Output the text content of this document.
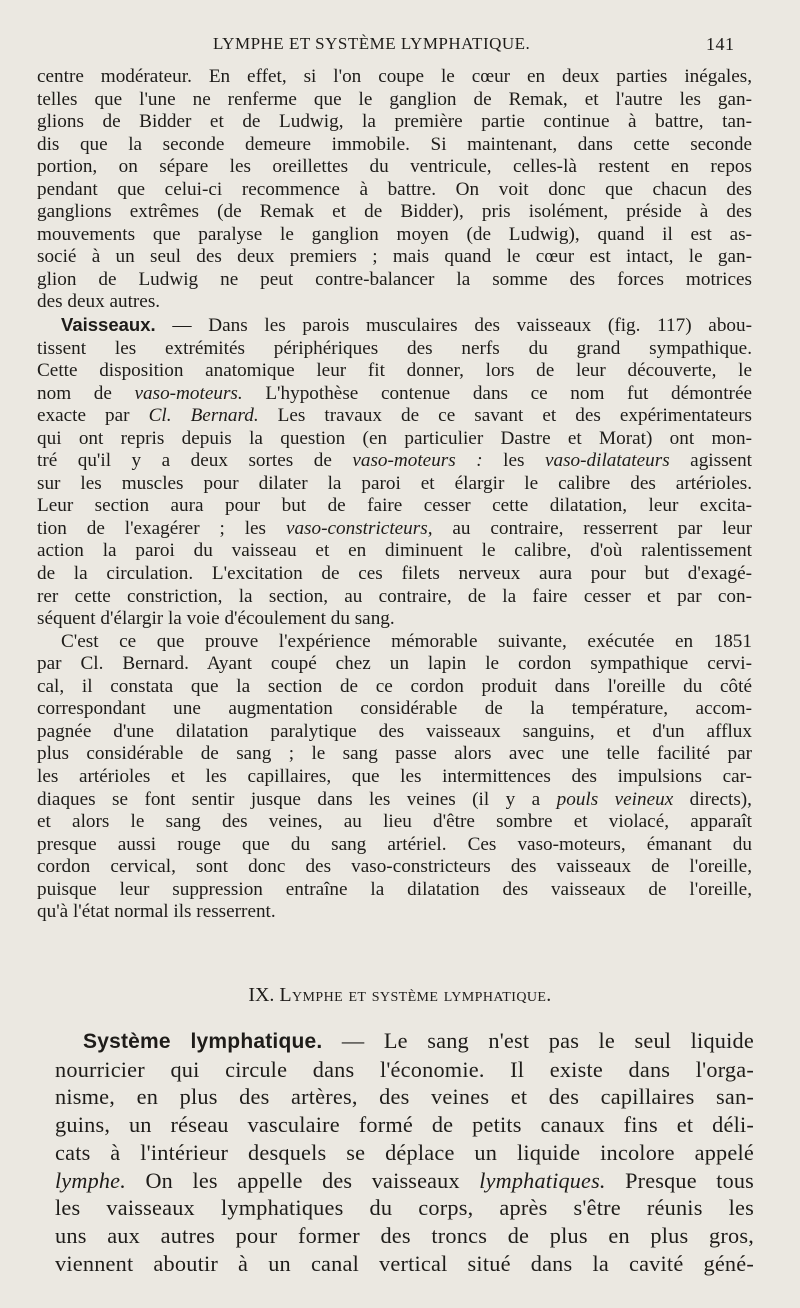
LYMPHE ET SYSTÈME LYMPHATIQUE.	141

centre modérateur. En effet, si l'on coupe le cœur en deux parties inégales,
telles que l'une ne renferme que le ganglion de Remak, et l'autre les gan-
glions de Bidder et de Ludwig, la première partie continue à battre, tan-
dis que la seconde demeure immobile. Si maintenant, dans cette seconde
portion, on sépare les oreillettes du ventricule, celles-là restent en repos
pendant que celui-ci recommence à battre. On voit donc que chacun des
ganglions extrêmes (de Remak et de Bidder), pris isolément, préside à des
mouvements que paralyse le ganglion moyen (de Ludwig), quand il est as-
socié à un seul des deux premiers ; mais quand le cœur est intact, le gan-
glion de Ludwig ne peut contre-balancer la somme des forces motrices
des deux autres.

Vaisseaux. — Dans les parois musculaires des vaisseaux (fig. 117) abou-

tissent les extrémités périphériques des nerfs du grand sympathique.
Cette disposition anatomique leur fit donner, lors de leur découverte, le
nom de vaso-moteurs. L'hypothèse contenue dans ce nom fut démontrée
exacte par Cl. Bernard. Les travaux de ce savant et des expérimentateurs
qui ont repris depuis la question (en particulier Dastre et Morat) ont mon-
tré qu'il y a deux sortes de vaso-moteurs : les vaso-dilatateurs agissent
sur les muscles pour dilater la paroi et élargir le calibre des artérioles.
Leur section aura pour but de faire cesser cette dilatation, leur excita-
tion de l'exagérer ; les vaso-constricteurs, au contraire, resserrent par leur
action la paroi du vaisseau et en diminuent le calibre, d'où ralentissement
de la circulation. L'excitation de ces filets nerveux aura pour but d'exagé-
rer cette constriction, la section, au contraire, de la faire cesser et par con-
séquent d'élargir la voie d'écoulement du sang.

C'est ce que prouve l'expérience mémorable suivante, exécutée en 1851
par Cl. Bernard. Ayant coupé chez un lapin le cordon sympathique cervi-
cal, il constata que la section de ce cordon produit dans l'oreille du côté
correspondant une augmentation considérable de la température, accom-
pagnée d'une dilatation paralytique des vaisseaux sanguins, et d'un afflux
plus considérable de sang ; le sang passe alors avec une telle facilité par
les artérioles et les capillaires, que les intermittences des impulsions car-
diaques se font sentir jusque dans les veines (il y a pouls veineux directs),
et alors le sang des veines, au lieu d'être sombre et violacé, apparaît
presque aussi rouge que du sang artériel. Ces vaso-moteurs, émanant du
cordon cervical, sont donc des vaso-constricteurs des vaisseaux de l'oreille,
puisque leur suppression entraîne la dilatation des vaisseaux de l'oreille,
qu'à l'état normal ils resserrent.

IX. Lymphe et système lymphatique.

Système lymphatique. — Le sang n'est pas le seul liquide
nourricier qui circule dans l'économie. Il existe dans l'orga-
nisme, en plus des artères, des veines et des capillaires san-
guins, un réseau vasculaire formé de petits canaux fins et déli-
cats à l'intérieur desquels se déplace un liquide incolore appelé
lymphe. On les appelle des vaisseaux lymphatiques. Presque tous
les vaisseaux lymphatiques du corps, après s'être réunis les
uns aux autres pour former des troncs de plus en plus gros,
viennent aboutir à un canal vertical situé dans la cavité géné-
